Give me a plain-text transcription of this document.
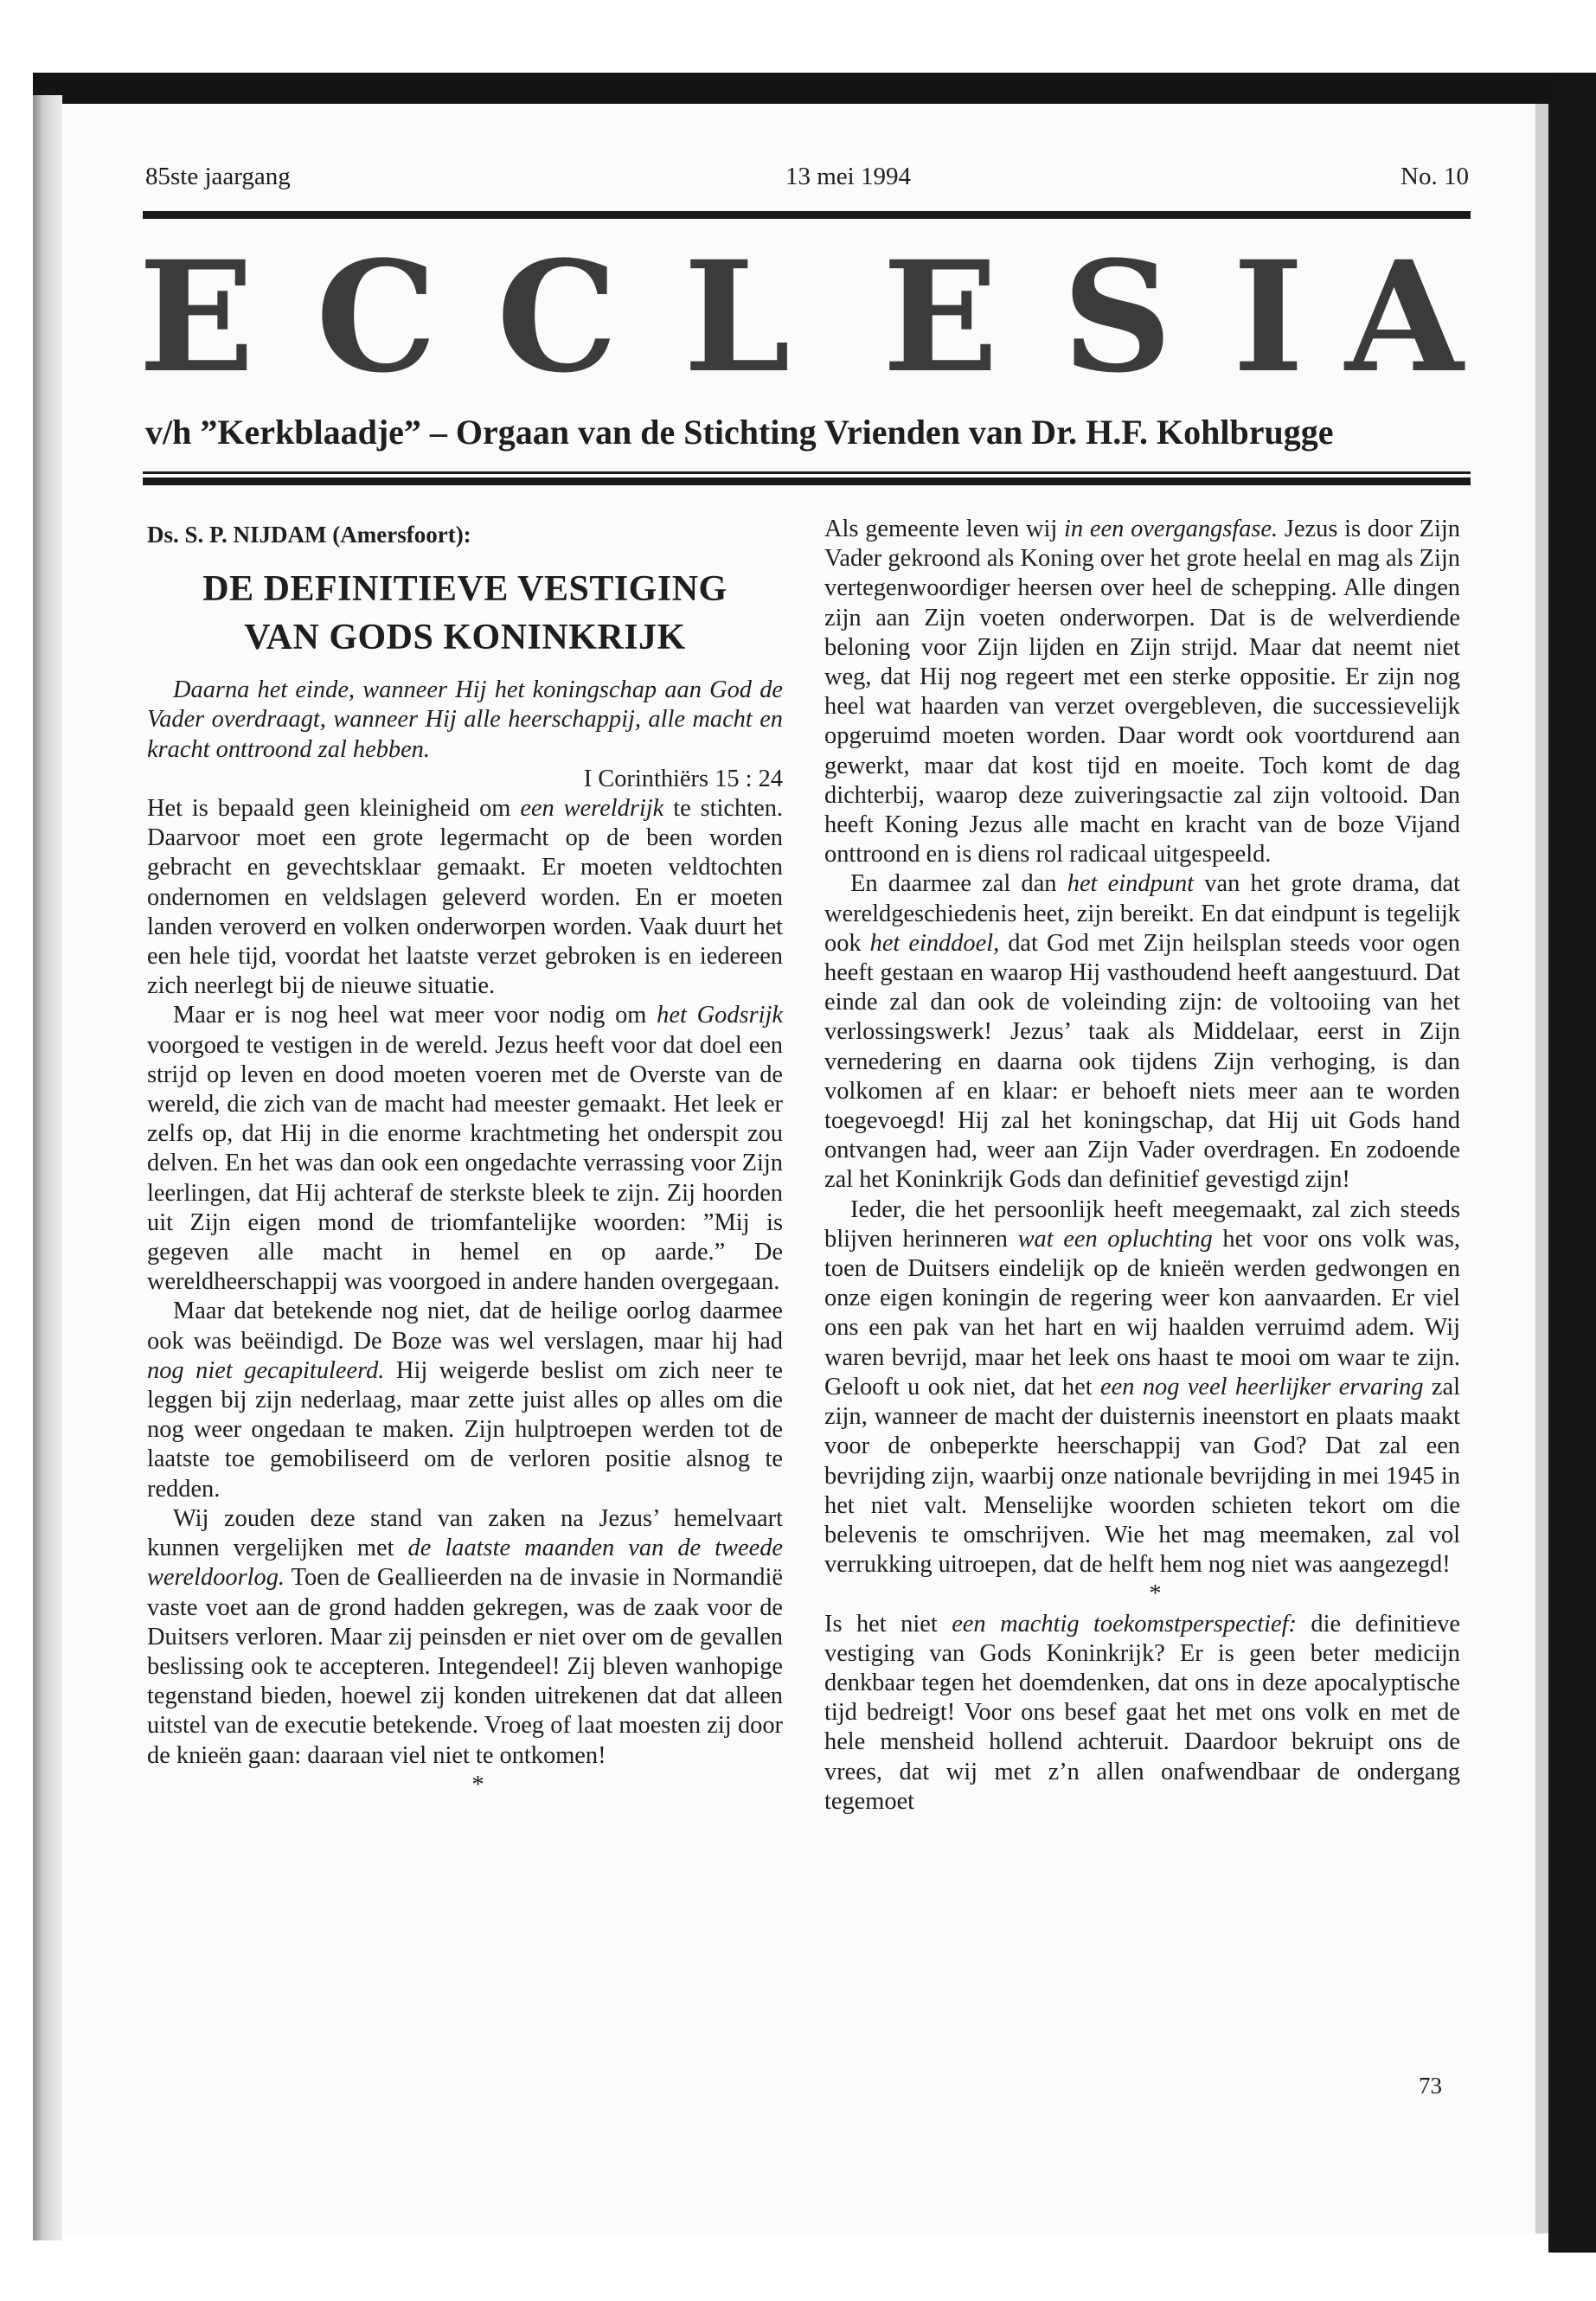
85ste jaargang	13 mei 1994	No. 10
E C C L E S I A
v/h ”Kerkblaadje” – Orgaan van de Stichting Vrienden van Dr. H.F. Kohlbrugge
Ds. S. P. NIJDAM (Amersfoort):
DE DEFINITIEVE VESTIGING
VAN GODS KONINKRIJK

Daarna het einde, wanneer Hij het koningschap aan God de Vader overdraagt, wanneer Hij alle heerschappij, alle macht en kracht onttroond zal hebben.

I Corinthiërs 15 : 24

Het is bepaald geen kleinigheid om een wereldrijk te stichten. Daarvoor moet een grote legermacht op de been worden gebracht en gevechtsklaar gemaakt. Er moeten veldtochten ondernomen en veldslagen geleverd worden. En er moeten landen veroverd en volken onderworpen worden. Vaak duurt het een hele tijd, voordat het laatste verzet gebroken is en iedereen zich neerlegt bij de nieuwe situatie.

Maar er is nog heel wat meer voor nodig om het Godsrijk voorgoed te vestigen in de wereld. Jezus heeft voor dat doel een strijd op leven en dood moeten voeren met de Overste van de wereld, die zich van de macht had meester gemaakt. Het leek er zelfs op, dat Hij in die enorme krachtmeting het onderspit zou delven. En het was dan ook een ongedachte verrassing voor Zijn leerlingen, dat Hij achteraf de sterkste bleek te zijn. Zij hoorden uit Zijn eigen mond de triomfantelijke woorden: ”Mij is gegeven alle macht in hemel en op aarde.” De wereldheerschappij was voorgoed in andere handen overgegaan.

Maar dat betekende nog niet, dat de heilige oorlog daarmee ook was beëindigd. De Boze was wel verslagen, maar hij had nog niet gecapituleerd. Hij weigerde beslist om zich neer te leggen bij zijn nederlaag, maar zette juist alles op alles om die nog weer ongedaan te maken. Zijn hulptroepen werden tot de laatste toe gemobiliseerd om de verloren positie alsnog te redden.

Wij zouden deze stand van zaken na Jezus’ hemelvaart kunnen vergelijken met de laatste maanden van de tweede wereldoorlog. Toen de Geallieerden na de invasie in Normandië vaste voet aan de grond hadden gekregen, was de zaak voor de Duitsers verloren. Maar zij peinsden er niet over om de gevallen beslissing ook te accepteren. Integendeel! Zij bleven wanhopige tegenstand bieden, hoewel zij konden uitrekenen dat dat alleen uitstel van de executie betekende. Vroeg of laat moesten zij door de knieën gaan: daaraan viel niet te ontkomen!

*

Als gemeente leven wij in een overgangsfase. Jezus is door Zijn Vader gekroond als Koning over het grote heelal en mag als Zijn vertegenwoordiger heersen over heel de schepping. Alle dingen zijn aan Zijn voeten onderworpen. Dat is de welverdiende beloning voor Zijn lijden en Zijn strijd. Maar dat neemt niet weg, dat Hij nog regeert met een sterke oppositie. Er zijn nog heel wat haarden van verzet overgebleven, die successievelijk opgeruimd moeten worden. Daar wordt ook voortdurend aan gewerkt, maar dat kost tijd en moeite. Toch komt de dag dichterbij, waarop deze zuiveringsactie zal zijn voltooid. Dan heeft Koning Jezus alle macht en kracht van de boze Vijand onttroond en is diens rol radicaal uitgespeeld.

En daarmee zal dan het eindpunt van het grote drama, dat wereldgeschiedenis heet, zijn bereikt. En dat eindpunt is tegelijk ook het einddoel, dat God met Zijn heilsplan steeds voor ogen heeft gestaan en waarop Hij vasthoudend heeft aangestuurd. Dat einde zal dan ook de voleinding zijn: de voltooiing van het verlossingswerk! Jezus’ taak als Middelaar, eerst in Zijn vernedering en daarna ook tijdens Zijn verhoging, is dan volkomen af en klaar: er behoeft niets meer aan te worden toegevoegd! Hij zal het koningschap, dat Hij uit Gods hand ontvangen had, weer aan Zijn Vader overdragen. En zodoende zal het Koninkrijk Gods dan definitief gevestigd zijn!

Ieder, die het persoonlijk heeft meegemaakt, zal zich steeds blijven herinneren wat een opluchting het voor ons volk was, toen de Duitsers eindelijk op de knieën werden gedwongen en onze eigen koningin de regering weer kon aanvaarden. Er viel ons een pak van het hart en wij haalden verruimd adem. Wij waren bevrijd, maar het leek ons haast te mooi om waar te zijn. Gelooft u ook niet, dat het een nog veel heerlijker ervaring zal zijn, wanneer de macht der duisternis ineenstort en plaats maakt voor de onbeperkte heerschappij van God? Dat zal een bevrijding zijn, waarbij onze nationale bevrijding in mei 1945 in het niet valt. Menselijke woorden schieten tekort om die belevenis te omschrijven. Wie het mag meemaken, zal vol verrukking uitroepen, dat de helft hem nog niet was aangezegd!

*

Is het niet een machtig toekomstperspectief: die definitieve vestiging van Gods Koninkrijk? Er is geen beter medicijn denkbaar tegen het doemdenken, dat ons in deze apocalyptische tijd bedreigt! Voor ons besef gaat het met ons volk en met de hele mensheid hollend achteruit. Daardoor bekruipt ons de vrees, dat wij met z’n allen onafwendbaar de ondergang tegemoet

73
